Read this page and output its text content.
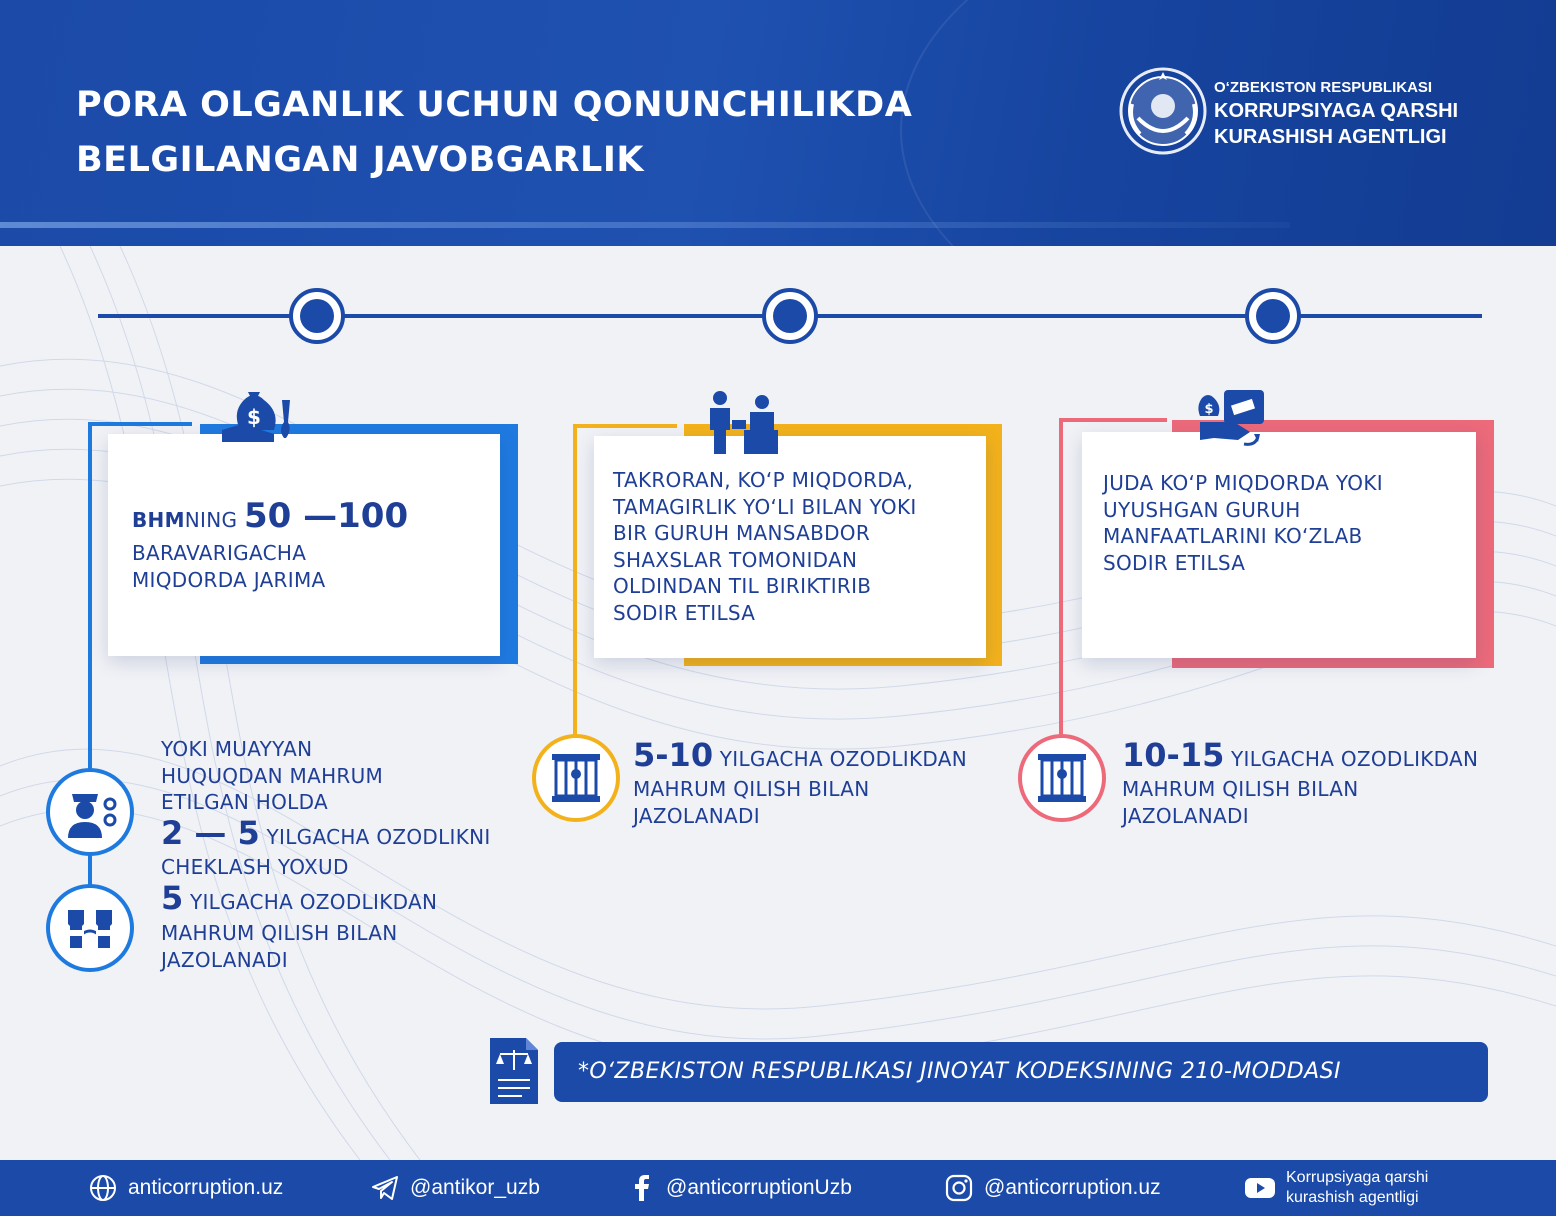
PORA OLGANLIK UCHUN QONUNCHILIKDA
BELGILANGAN JAVOBGARLIK
O‘ZBEKISTON RESPUBLIKASI
KORRUPSIYAGA QARSHI
KURASHISH AGENTLIGI
$
BHMNING 50 —100
BARAVARIGACHA
MIQDORDA JARIMA
TAKRORAN, KO‘P MIQDORDA,
TAMAGIRLIK YO‘LI BILAN YOKI
BIR GURUH MANSABDOR
SHAXSLAR TOMONIDAN
OLDINDAN TIL BIRIKTIRIB
SODIR ETILSA
$
JUDA KO‘P MIQDORDA YOKI
UYUSHGAN GURUH
MANFAATLARINI KO‘ZLAB
SODIR ETILSA
YOKI MUAYYAN
HUQUQDAN MAHRUM
ETILGAN HOLDA
2 — 5 YILGACHA OZODLIKNI
CHEKLASH YOXUD
5 YILGACHA OZODLIKDAN
MAHRUM QILISH BILAN
JAZOLANADI
5-10 YILGACHA OZODLIKDAN
MAHRUM QILISH BILAN
JAZOLANADI
10-15 YILGACHA OZODLIKDAN
MAHRUM QILISH BILAN
JAZOLANADI
*O‘ZBEKISTON RESPUBLIKASI JINOYAT KODEKSINING 210-MODDASI
anticorruption.uz	@antikor_uzb	@anticorruptionUzb	@anticorruption.uz	Korrupsiyaga qarshi
kurashish agentligi
